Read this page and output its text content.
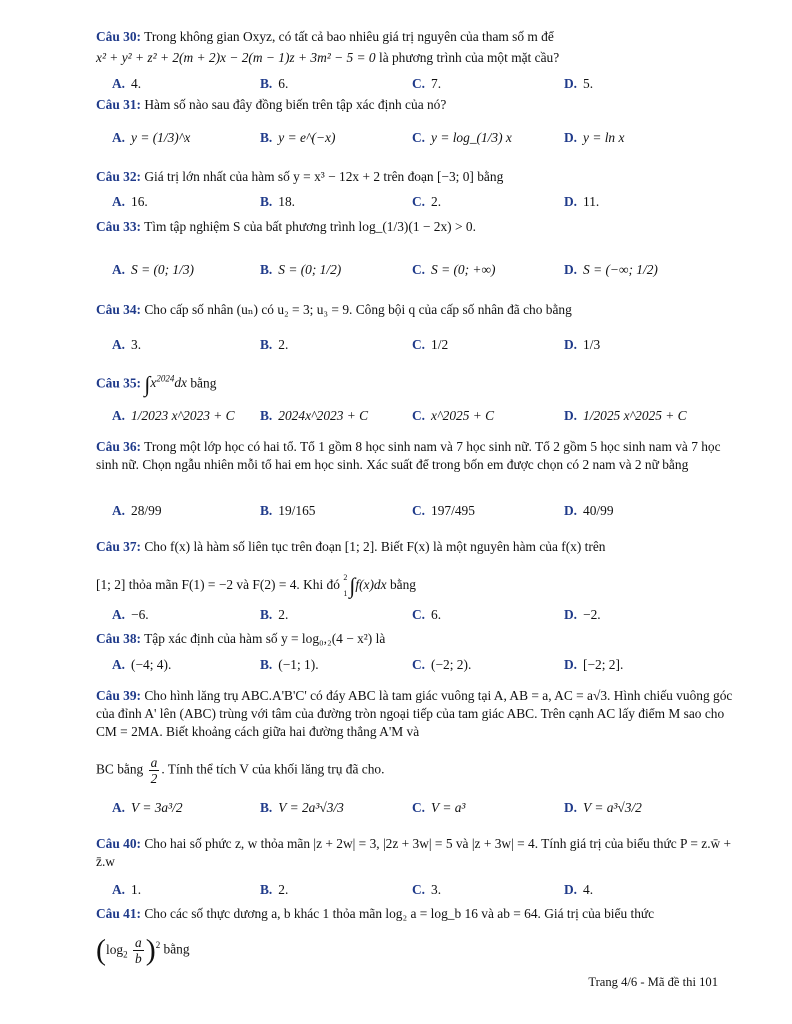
Câu 30: Trong không gian Oxyz, có tất cả bao nhiêu giá trị nguyên của tham số m để
x² + y² + z² + 2(m + 2)x − 2(m − 1)z + 3m² − 5 = 0 là phương trình của một mặt cầu?
A. 4.	B. 6.	C. 7.	D. 5.
Câu 31: Hàm số nào sau đây đồng biến trên tập xác định của nó?
A. y = (1/3)^x	B. y = e^(−x)	C. y = log_(1/3) x	D. y = ln x
Câu 32: Giá trị lớn nhất của hàm số y = x³ − 12x + 2 trên đoạn [−3; 0] bằng
A. 16.	B. 18.	C. 2.	D. 11.
Câu 33: Tìm tập nghiệm S của bất phương trình log_(1/3)(1 − 2x) > 0.
A. S = (0; 1/3)	B. S = (0; 1/2)	C. S = (0; +∞)	D. S = (−∞; 1/2)
Câu 34: Cho cấp số nhân (uₙ) có u₂ = 3; u₃ = 9. Công bội q của cấp số nhân đã cho bằng
A. 3.	B. 2.	C. 1/2	D. 1/3
Câu 35: $\int x^{2024}dx$ bằng
A. 1/2023 x^2023 + C B. 2024x^2023 + C	C. x^2025 + C	D. 1/2025 x^2025 + C
Câu 36: Trong một lớp học có hai tổ. Tổ 1 gồm 8 học sinh nam và 7 học sinh nữ. Tổ 2 gồm 5 học sinh nam và 7 học sinh nữ. Chọn ngẫu nhiên mỗi tổ hai em học sinh. Xác suất để trong bốn em được chọn có 2 nam và 2 nữ bằng
A. 28/99	B. 19/165	C. 197/495	D. 40/99
Câu 37: Cho f(x) là hàm số liên tục trên đoạn [1; 2]. Biết F(x) là một nguyên hàm của f(x) trên
[1; 2] thỏa mãn F(1) = −2 và F(2) = 4. Khi đó 2
1∫f(x)dx bằng
A. −6.	B. 2.	C. 6.	D. −2.
Câu 38: Tập xác định của hàm số y = log₀,₂(4 − x²) là
A. (−4; 4).	B. (−1; 1).	C. (−2; 2).	D. [−2; 2].
Câu 39: Cho hình lăng trụ ABC.A'B'C' có đáy ABC là tam giác vuông tại A, AB = a, AC = a√3. Hình chiếu vuông góc của đỉnh A' lên (ABC) trùng với tâm của đường tròn ngoại tiếp của tam giác ABC. Trên cạnh AC lấy điểm M sao cho CM = 2MA. Biết khoảng cách giữa hai đường thẳng A'M và
BC bằng $\frac{a}{2}$ . Tính thể tích V của khối lăng trụ đã cho.
A. V = 3a³/2	B. V = 2a³√3/3	C. V = a³	D. V = a³√3/2
Câu 40: Cho hai số phức z, w thỏa mãn |z + 2w| = 3, |2z + 3w| = 5 và |z + 3w| = 4. Tính giá trị của biểu thức P = z.w̄ + z̄.w
A. 1.	B. 2.	C. 3.	D. 4.
Câu 41: Cho các số thực dương a, b khác 1 thỏa mãn log₂ a = log_b 16 và ab = 64. Giá trị của biểu thức
$(\log_2 \frac{a}{b} )^2$ bằng
Trang 4/6 - Mã đề thi 101
